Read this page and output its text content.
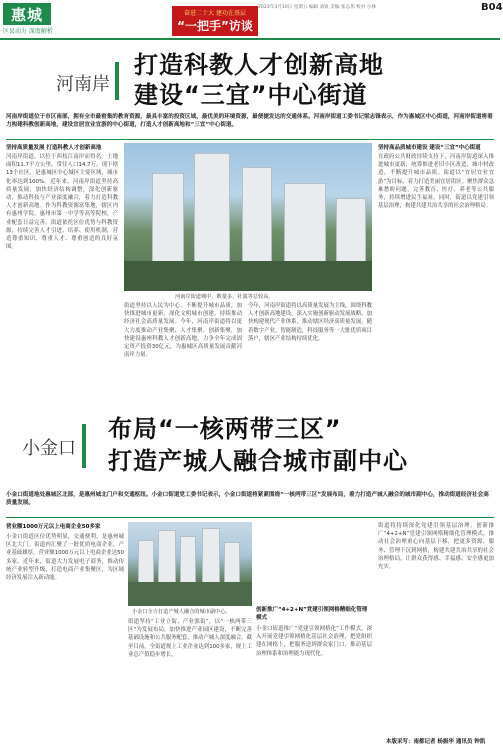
惠城
区县动力 深度解析
奋进二十大 建功在基层
“一把手”访谈
2023年3月10日 星期五 编辑 刘锐 美编 张志伟 校对 小林	B04
河南岸
打造科教人才创新高地
建设“三宜”中心街道
河南岸街道位于市区南部，拥有全市最密集的教育资源，最具丰富的投资区域，最优美的环境资源，最便捷发达的交通体系。河南岸街道工委书记梁志锋表示，作为惠城区中心街道，河南岸街道将着力构建科教创新高地，建设宜居宜业宜游的中心街道，打造人才创新高地和“三宜”中心街道。
坚持高质量发展 打造科教人才创新高地
河南岸街道，以位于西枝江南岸而得名。土地面积11.7平方公里，常住人口14.7万，现下辖13个社区，是惠城区中心城区主要区域，城市化率达到100%。近年来，河南岸街道坚持高质量发展，加快经济结构调整，深化创新驱动，推动科技与产业深度融合，着力打造科教人才创新高地。作为科教资源富集地，辖区内有惠州学院、惠州市第一中学等高等院校，产业配套日益完善。街道依托区位优势与科教资源，持续完善人才引进、培养、使用机制，营造尊重知识、尊重人才、尊重创造的良好氛围。
河南岸街道城中，数量多、社演等总较高。
街道坚持以人民为中心，不断提升城市品质，加快推进城市更新，深化文明城市创建，持续推动经济社会高质量发展。今年，河南岸街道将以更大力度推动产业集聚、人才集聚、创新集聚，加快建设惠州科教人才创新高地，力争全年完成固定资产投资30亿元，为惠城区高质量发展贡献河南岸力量。
今年，河南岸街道将以高质量发展为主线，围绕科教人才创新高地建设，深入实施创新驱动发展战略，加快构建现代产业体系，推动辖区经济高质量发展。随着数字产业，智能制造，科技服务等一大批优质项目落户，辖区产业结构持续优化。
坚持高品质城市建设 建设“三宜”中心街道
在政府公共财政持续支持下，河南岸街道深入推进城市更新，统筹推进老旧小区改造、城中村改造，不断提升城市品质。街道以“宜居宜业宜游”为目标，着力打造美丽宜居街区。聚焦群众急难愁盼问题，完善教育、医疗、养老等公共服务，持续增进民生福祉。同时，街道以党建引领基层治理，构建共建共治共享的社会治理格局。
小金口
布局“一核两带三区”
打造产城人融合城市副中心
小金口街道地处惠城区北部，是惠州城北门户和交通枢纽。小金口街道党工委书记表示，小金口街道将紧紧围绕“一核两带三区”发展布局，着力打造产城人融合的城市副中心，推动街道经济社会高质量发展。
营业额1000万元以上电商企业50多家
小金口街道区位优势明显，交通便利，是惠州城区北大门。街道内汇聚了一批优质电商企业，产业基础雄厚，营业额1000万元以上电商企业达50多家。近年来，街道大力发展电子商务，推动传统产业转型升级，打造电商产业集聚区，为区域经济发展注入新动能。
小金口全力打造产城人融合的城市副中心。
街道坚持“工业立街、产业强街”，以“一核两带三区”为发展布局，加快推进产业园区建设，不断完善基础设施和公共服务配套，推动产城人深度融合。截至目前，全街道规上工业企业达到100多家，规上工业总产值稳步增长。
创新推广“4+2+N”党建引领网格精细化管理模式
小金口街道推广“党建引领网格化”工作模式，深入开展党建引领网格化基层社会治理，把党组织建在网格上，把服务送到群众家门口，推动基层治理体系和治理能力现代化。
街道将持续深化党建引领基层治理，创新推广“4+2+N”党建引领网格精细化管理模式，推动社会治理重心向基层下移，把更多资源、服务、管理下沉到网格，构建共建共治共享的社会治理格局，让群众获得感、幸福感、安全感更加充实。
本版采写：南都记者 杨振华 通讯员 钟凯
